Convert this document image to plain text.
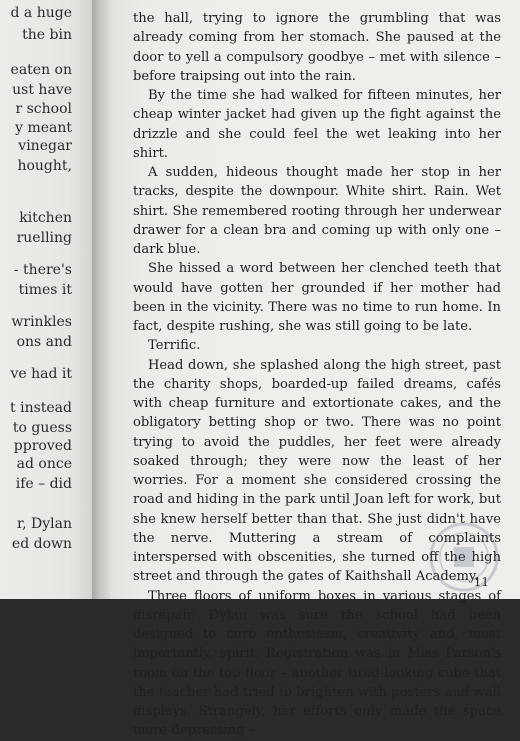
d a huge
the bin
eaten on
ust have
r school
y meant
vinegar
hought,
kitchen
ruelling
- there's
times it
wrinkles
ons and
ve had it
t instead
to guess
pproved
ad once
ife – did
r, Dylan
ed down

the hall, trying to ignore the grumbling that was already coming from her stomach. She paused at the door to yell a compulsory goodbye – met with silence – before traipsing out into the rain.

By the time she had walked for fifteen minutes, her cheap winter jacket had given up the fight against the drizzle and she could feel the wet leaking into her shirt.

A sudden, hideous thought made her stop in her tracks, despite the downpour. White shirt. Rain. Wet shirt. She remembered rooting through her underwear drawer for a clean bra and coming up with only one – dark blue.

She hissed a word between her clenched teeth that would have gotten her grounded if her mother had been in the vicinity. There was no time to run home. In fact, despite rushing, she was still going to be late.

Terrific.

Head down, she splashed along the high street, past the charity shops, boarded-up failed dreams, cafés with cheap furniture and extortionate cakes, and the obligatory betting shop or two. There was no point trying to avoid the puddles, her feet were already soaked through; they were now the least of her worries. For a moment she considered crossing the road and hiding in the park until Joan left for work, but she knew herself better than that. She just didn't have the nerve. Muttering a stream of complaints interspersed with obscenities, she turned off the high street and through the gates of Kaithshall Academy.

Three floors of uniform boxes in various stages of disrepair, Dylan was sure the school had been designed to curb enthusiasm, creativity and, most importantly, spirit. Registration was in Miss Parson's room on the top floor – another tired-looking cube that the teacher had tried to brighten with posters and wall displays. Strangely, her efforts only made the space more depressing –

11
